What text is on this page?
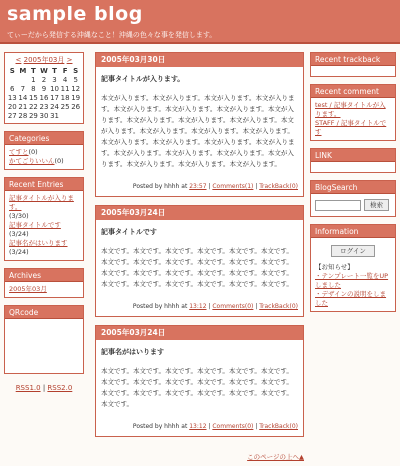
sample blog
てぃーだから発信する沖縄なこと！沖縄の色々な事を発信します。
< 2005年03月 >
S	M	T	W	T	F	S
		1	2	3	4	5
6	7	8	9	10	11	12
13	14	15	16	17	18	19
20	21	22	23	24	25	26
27	28	29	30	31		
Categories
てすと(0)
かてごりいいん(0)
Recent Entries
記事タイトルが入ります。
(3/30)
記事タイトルです (3/24)
記事名がはいります (3/24)
Archives
2005年03月
QRcode
RSS1.0 | RSS2.0
2005年03月30日
記事タイトルが入ります。
本文が入ります。本文が入ります。本文が入ります。本文が入ります。本文が入ります。本文が入ります。本文が入ります。本文が入ります。本文が入ります。本文が入ります。本文が入ります。本文が入ります。本文が入ります。本文が入ります。本文が入ります。本文が入ります。本文が入ります。本文が入ります。本文が入ります。本文が入ります。本文が入ります。本文が入ります。本文が入ります。本文が入ります。本文が入ります。本文が入ります。
Posted by hhhh at 23:57 | Comments(1) | TrackBack(0)
2005年03月24日
記事タイトルです
本文です。本文です。本文です。本文です。本文です。本文です。本文です。本文です。本文です。本文です。本文です。本文です。本文です。本文です。本文です。本文です。本文です。本文です。本文です。本文です。本文です。本文です。本文です。本文です。
Posted by hhhh at 13:12 | Comments(0) | TrackBack(0)
2005年03月24日
記事名がはいります
本文です。本文です。本文です。本文です。本文です。本文です。本文です。本文です。本文です。本文です。本文です。本文です。本文です。本文です。本文です。本文です。本文です。本文です。本文です。
Posted by hhhh at 13:12 | Comments(0) | TrackBack(0)
このページの上へ▲
Recent trackback
Recent comment
test / 記事タイトルが入ります。
STAFF / 記事タイトルです
LINK
BlogSearch
検索
Information
ログイン
【お知らせ】
・テンプレート一覧をUPしました
・デザインの説明をしました
